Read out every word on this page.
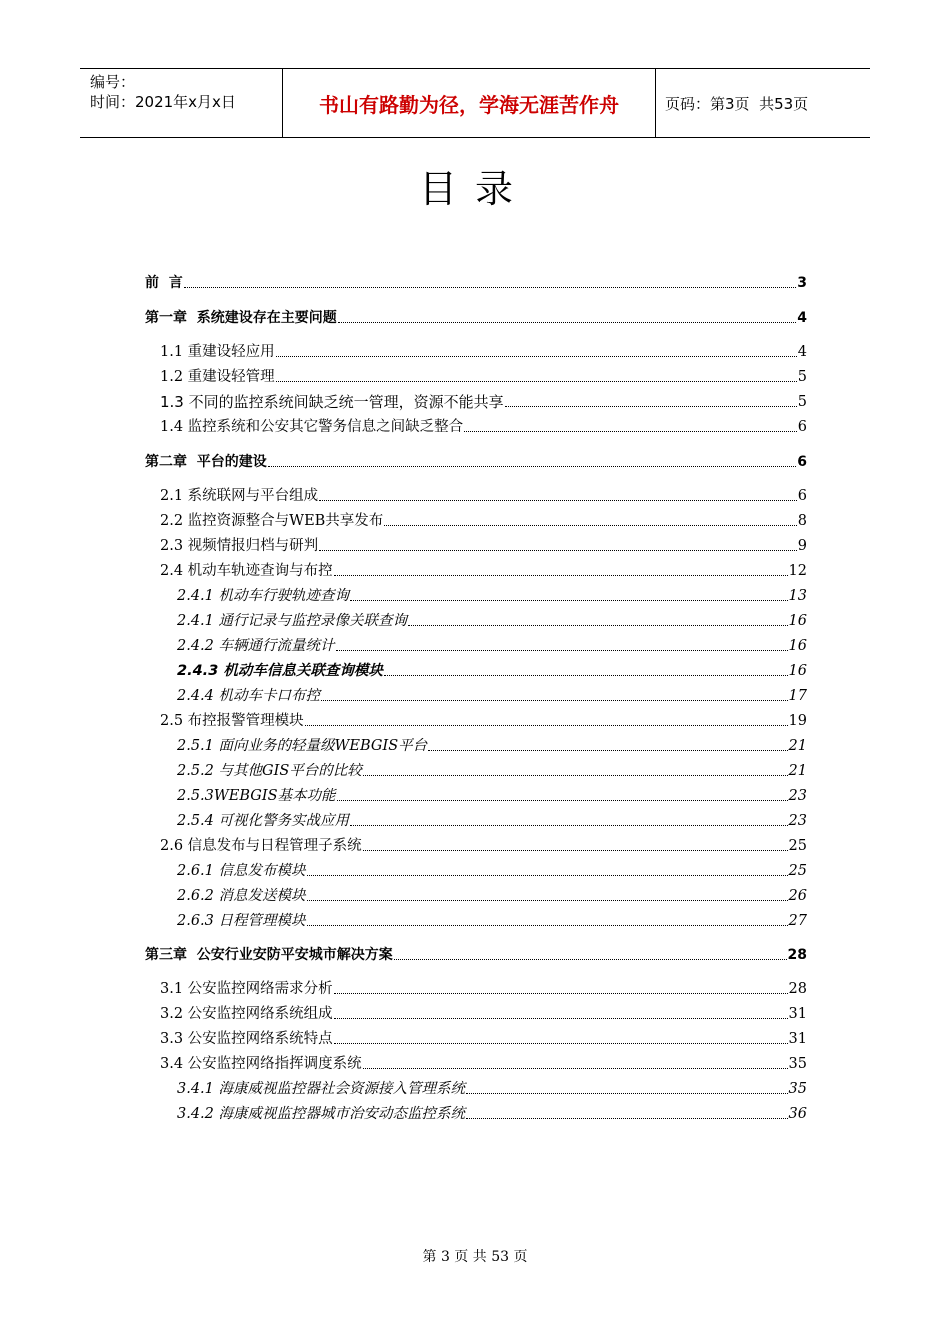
编号：
时间：2021年x月x日	书山有路勤为径，学海无涯苦作舟	页码：第3页  共53页
目录
前  言	3
第一章  系统建设存在主要问题	4
1.1 重建设轻应用	4
1.2 重建设轻管理	5
1.3 不同的监控系统间缺乏统一管理，资源不能共享	5
1.4 监控系统和公安其它警务信息之间缺乏整合	6
第二章  平台的建设	6
2.1 系统联网与平台组成	6
2.2 监控资源整合与WEB共享发布	8
2.3 视频情报归档与研判	9
2.4 机动车轨迹查询与布控	12
2.4.1 机动车行驶轨迹查询	13
2.4.1 通行记录与监控录像关联查询	16
2.4.2 车辆通行流量统计	16
2.4.3 机动车信息关联查询模块	16
2.4.4 机动车卡口布控	17
2.5 布控报警管理模块	19
2.5.1 面向业务的轻量级WEBGIS平台	21
2.5.2 与其他GIS平台的比较	21
2.5.3WEBGIS基本功能	23
2.5.4 可视化警务实战应用	23
2.6 信息发布与日程管理子系统	25
2.6.1 信息发布模块	25
2.6.2 消息发送模块	26
2.6.3 日程管理模块	27
第三章  公安行业安防平安城市解决方案	28
3.1 公安监控网络需求分析	28
3.2 公安监控网络系统组成	31
3.3 公安监控网络系统特点	31
3.4 公安监控网络指挥调度系统	35
3.4.1 海康威视监控器社会资源接入管理系统	35
3.4.2 海康威视监控器城市治安动态监控系统	36
第 3 页 共 53 页
